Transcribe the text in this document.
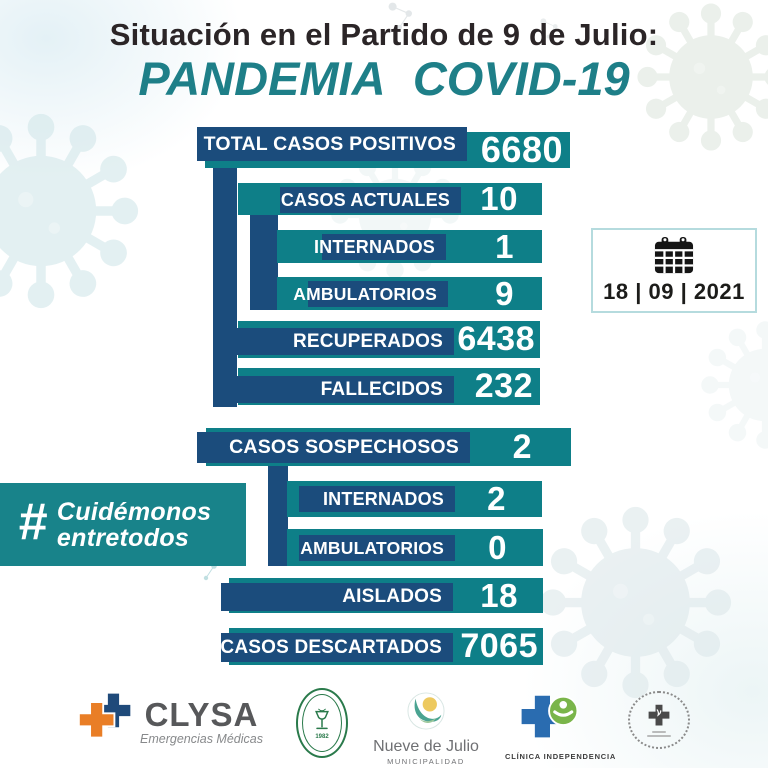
Situación en el Partido de 9 de Julio:
PANDEMIA COVID-19
TOTAL CASOS POSITIVOS 6680
CASOS ACTUALES 10
INTERNADOS 1
AMBULATORIOS 9
RECUPERADOS 6438
FALLECIDOS 232
CASOS SOSPECHOSOS 2
INTERNADOS 2
AMBULATORIOS 0
AISLADOS 18
CASOS DESCARTADOS 7065
18 | 09 | 2021
# Cuidémonos
entretodos
CLYSA
Emergencias Médicas	1982
Nueve de Julio
MUNICIPALIDAD
CLÍNICA INDEPENDENCIA
